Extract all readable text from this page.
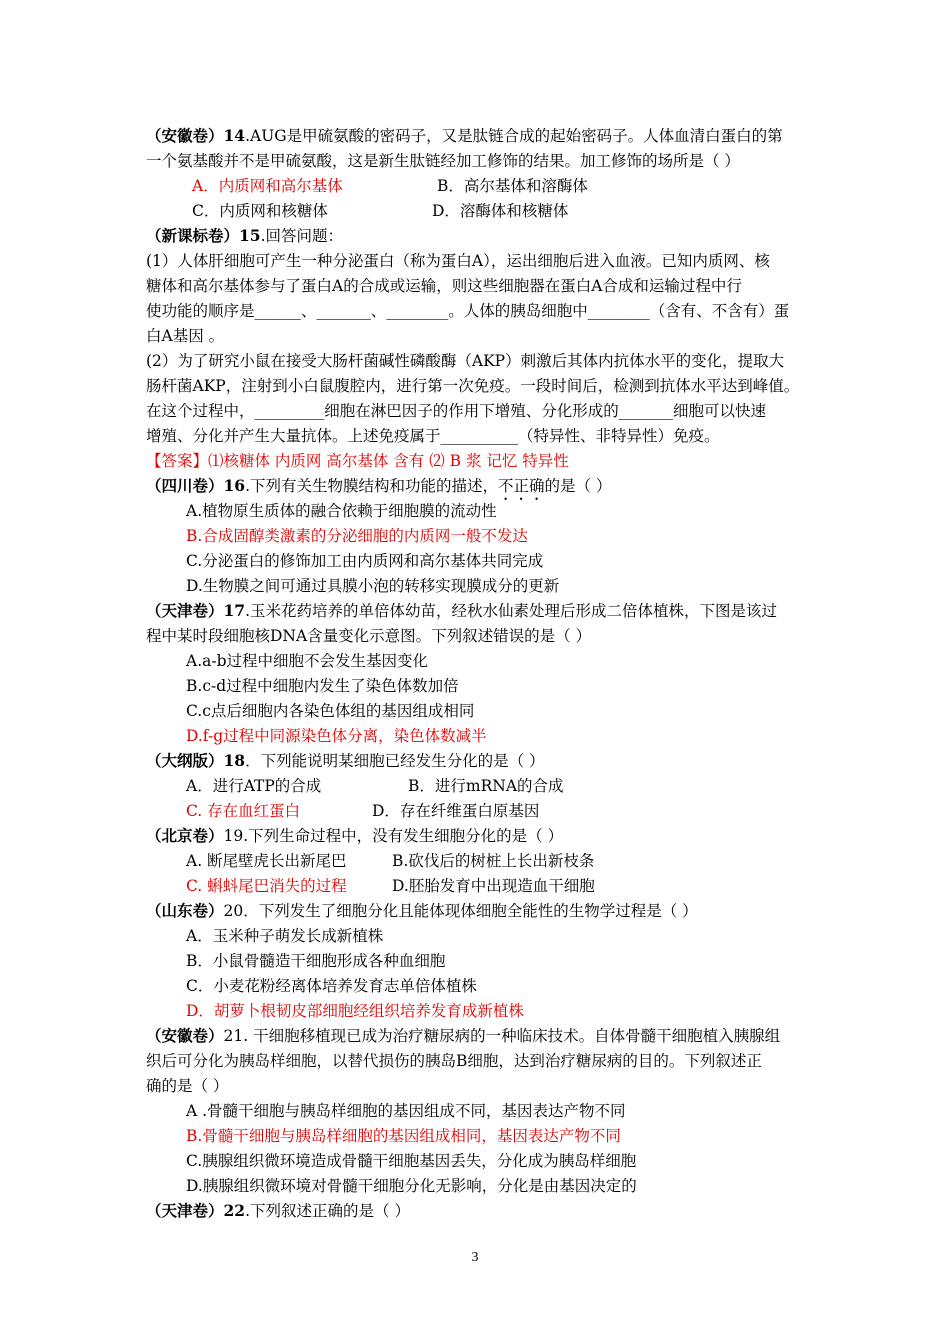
（安徽卷）14.AUG是甲硫氨酸的密码子，又是肽链合成的起始密码子。人体血清白蛋白的第
一个氨基酸并不是甲硫氨酸，这是新生肽链经加工修饰的结果。加工修饰的场所是（ ）
A．内质网和高尔基体	B．高尔基体和溶酶体
C．内质网和核糖体	D．溶酶体和核糖体
（新课标卷）15.回答问题：
(1）人体肝细胞可产生一种分泌蛋白（称为蛋白A），运出细胞后进入血液。已知内质网、核
糖体和高尔基体参与了蛋白A的合成或运输，则这些细胞器在蛋白A合成和运输过程中行
使功能的顺序是______、_______、________。人体的胰岛细胞中________（含有、不含有）蛋
白A基因 。
(2）为了研究小鼠在接受大肠杆菌碱性磷酸酶（AKP）刺激后其体内抗体水平的变化，提取大
肠杆菌AKP，注射到小白鼠腹腔内，进行第一次免疫。一段时间后，检测到抗体水平达到峰值。
在这个过程中，_________细胞在淋巴因子的作用下增殖、分化形成的_______细胞可以快速
增殖、分化并产生大量抗体。上述免疫属于__________（特异性、非特异性）免疫。
【答案】⑴核糖体 内质网 高尔基体 含有 ⑵ B 浆 记忆 特异性
（四川卷）16.下列有关生物膜结构和功能的描述，不正确的是（ ）
A.植物原生质体的融合依赖于细胞膜的流动性
B.合成固醇类激素的分泌细胞的内质网一般不发达
C.分泌蛋白的修饰加工由内质网和高尔基体共同完成
D.生物膜之间可通过具膜小泡的转移实现膜成分的更新
（天津卷）17.玉米花药培养的单倍体幼苗，经秋水仙素处理后形成二倍体植株，下图是该过
程中某时段细胞核DNA含量变化示意图。下列叙述错误的是（ ）
A.a-b过程中细胞不会发生基因变化
B.c-d过程中细胞内发生了染色体数加倍
C.c点后细胞内各染色体组的基因组成相同
D.f-g过程中同源染色体分离，染色体数减半
（大纲版）18．下列能说明某细胞已经发生分化的是（ ）
A．进行ATP的合成	B．进行mRNA的合成
C. 存在血红蛋白	D．存在纤维蛋白原基因
（北京卷）19.下列生命过程中，没有发生细胞分化的是（ ）
A. 断尾壁虎长出新尾巴	B.砍伐后的树桩上长出新枝条
C. 蝌蚪尾巴消失的过程	D.胚胎发育中出现造血干细胞
（山东卷）20．下列发生了细胞分化且能体现体细胞全能性的生物学过程是（ ）
A．玉米种子萌发长成新植株
B．小鼠骨髓造干细胞形成各种血细胞
C．小麦花粉经离体培养发育志单倍体植株
D．胡萝卜根韧皮部细胞经组织培养发育成新植株
（安徽卷）21. 干细胞移植现已成为治疗糖尿病的一种临床技术。自体骨髓干细胞植入胰腺组
织后可分化为胰岛样细胞，以替代损伤的胰岛B细胞，达到治疗糖尿病的目的。下列叙述正
确的是（ ）
A .骨髓干细胞与胰岛样细胞的基因组成不同，基因表达产物不同
B.骨髓干细胞与胰岛样细胞的基因组成相同，基因表达产物不同
C.胰腺组织微环境造成骨髓干细胞基因丢失，分化成为胰岛样细胞
D.胰腺组织微环境对骨髓干细胞分化无影响，分化是由基因决定的
（天津卷）22.下列叙述正确的是（ ）
3
